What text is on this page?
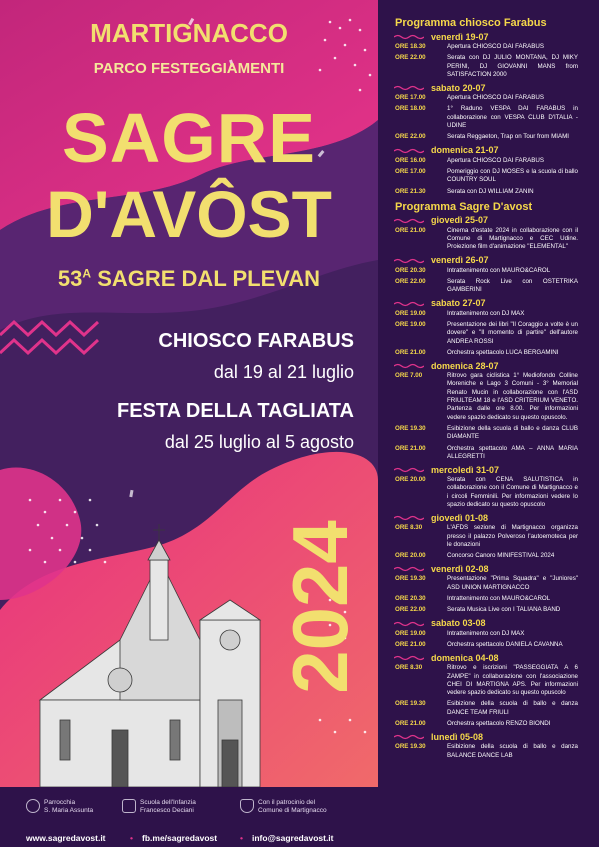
MARTIGNACCO
PARCO FESTEGGIAMENTI
SAGRE
D'AVÔST
$53^A$ SAGRE DAL PLEVAN
CHIOSCO FARABUS
dal 19 al 21 luglio
FESTA DELLA TAGLIATA
dal 25 luglio al 5 agosto
2024
Parrocchia
S. Maria Assunta
Scuola dell'Infanzia
Francesco Deciani
Con il patrocinio del
Comune di Martignacco
www.sagredavost.it	• fb.me/sagredavost	• info@sagredavost.it
Programma chiosco Farabus
venerdì 19-07
ORE 18.30	Apertura CHIOSCO DAI FARABUS
ORE 22.00	Serata con DJ JULIO MONTANA, DJ MIKY PERINI, DJ GIOVANNI MANS from SATISFACTION 2000
sabato 20-07
ORE 17.00	Apertura CHIOSCO DAI FARABUS
ORE 18.00	1° Raduno VESPA DAI FARABUS in collaborazione con VESPA CLUB D'ITALIA - UDINE
ORE 22.00	Serata Reggaeton, Trap on Tour from MIAMI
domenica 21-07
ORE 16.00	Apertura CHIOSCO DAI FARABUS
ORE 17.00	Pomeriggio con DJ MOSES e la scuola di ballo COUNTRY SOUL
ORE 21.30	Serata con DJ WILLIAM ZANIN
Programma Sagre D'avost
giovedì 25-07
ORE 21.00	Cinema d'estate 2024 in collaborazione con il Comune di Martignacco e CEC Udine. Proiezione film d'animazione "ELEMENTAL"
venerdì 26-07
ORE 20.30	Intrattenimento con MAURO&CAROL
ORE 22.00	Serata Rock Live con OSTETRIKA GAMBERINI
sabato 27-07
ORE 19.00	Intrattenimento con DJ MAX
ORE 19.00	Presentazione dei libri "Il Coraggio a volte è un dovere" e "Il momento di partire" dell'autore ANDREA ROSSI
ORE 21.00	Orchestra spettacolo LUCA BERGAMINI
domenica 28-07
ORE 7.00	Ritrovo gara ciclistica 1° Mediofondo Colline Moreniche e Lago 3 Comuni - 3° Memorial Renato Mucin in collaborazione con l'ASD FRIULTEAM 18 e l'ASD CRITERIUM VENETO. Partenza dalle ore 8.00. Per informazioni vedere spazio dedicato su questo opuscolo.
ORE 19.30	Esibizione della scuola di ballo e danza CLUB DIAMANTE
ORE 21.00	Orchestra spettacolo AMA – ANNA MARIA ALLEGRETTI
mercoledì 31-07
ORE 20.00	Serata con CENA SALUTISTICA in collaborazione con il Comune di Martignacco e i circoli Femminili. Per informazioni vedere lo spazio dedicato su questo opuscolo
giovedì 01-08
ORE 8.30	L'AFDS sezione di Martignacco organizza presso il palazzo Polveroso l'autoemoteca per le donazioni
ORE 20.00	Concorso Canoro MINIFESTIVAL 2024
venerdì 02-08
ORE 19.30	Presentazione "Prima Squadra" e "Juniores" ASD UNION MARTIGNACCO
ORE 20.30	Intrattenimento con MAURO&CAROL
ORE 22.00	Serata Musica Live con I TALIANA BAND
sabato 03-08
ORE 19.00	Intrattenimento con DJ MAX
ORE 21.00	Orchestra spettacolo DANIELA CAVANNA
domenica 04-08
ORE 8.30	Ritrovo e iscrizioni "PASSEGGIATA A 6 ZAMPE" in collaborazione con l'associazione CHEI DI MARTIGNA APS. Per informazioni vedere spazio dedicato su questo opuscolo
ORE 19.30	Esibizione della scuola di ballo e danza DANCE TEAM FRIULI
ORE 21.00	Orchestra spettacolo RENZO BIONDI
lunedì 05-08
ORE 19.30	Esibizione della scuola di ballo e danza BALANCE DANCE LAB
